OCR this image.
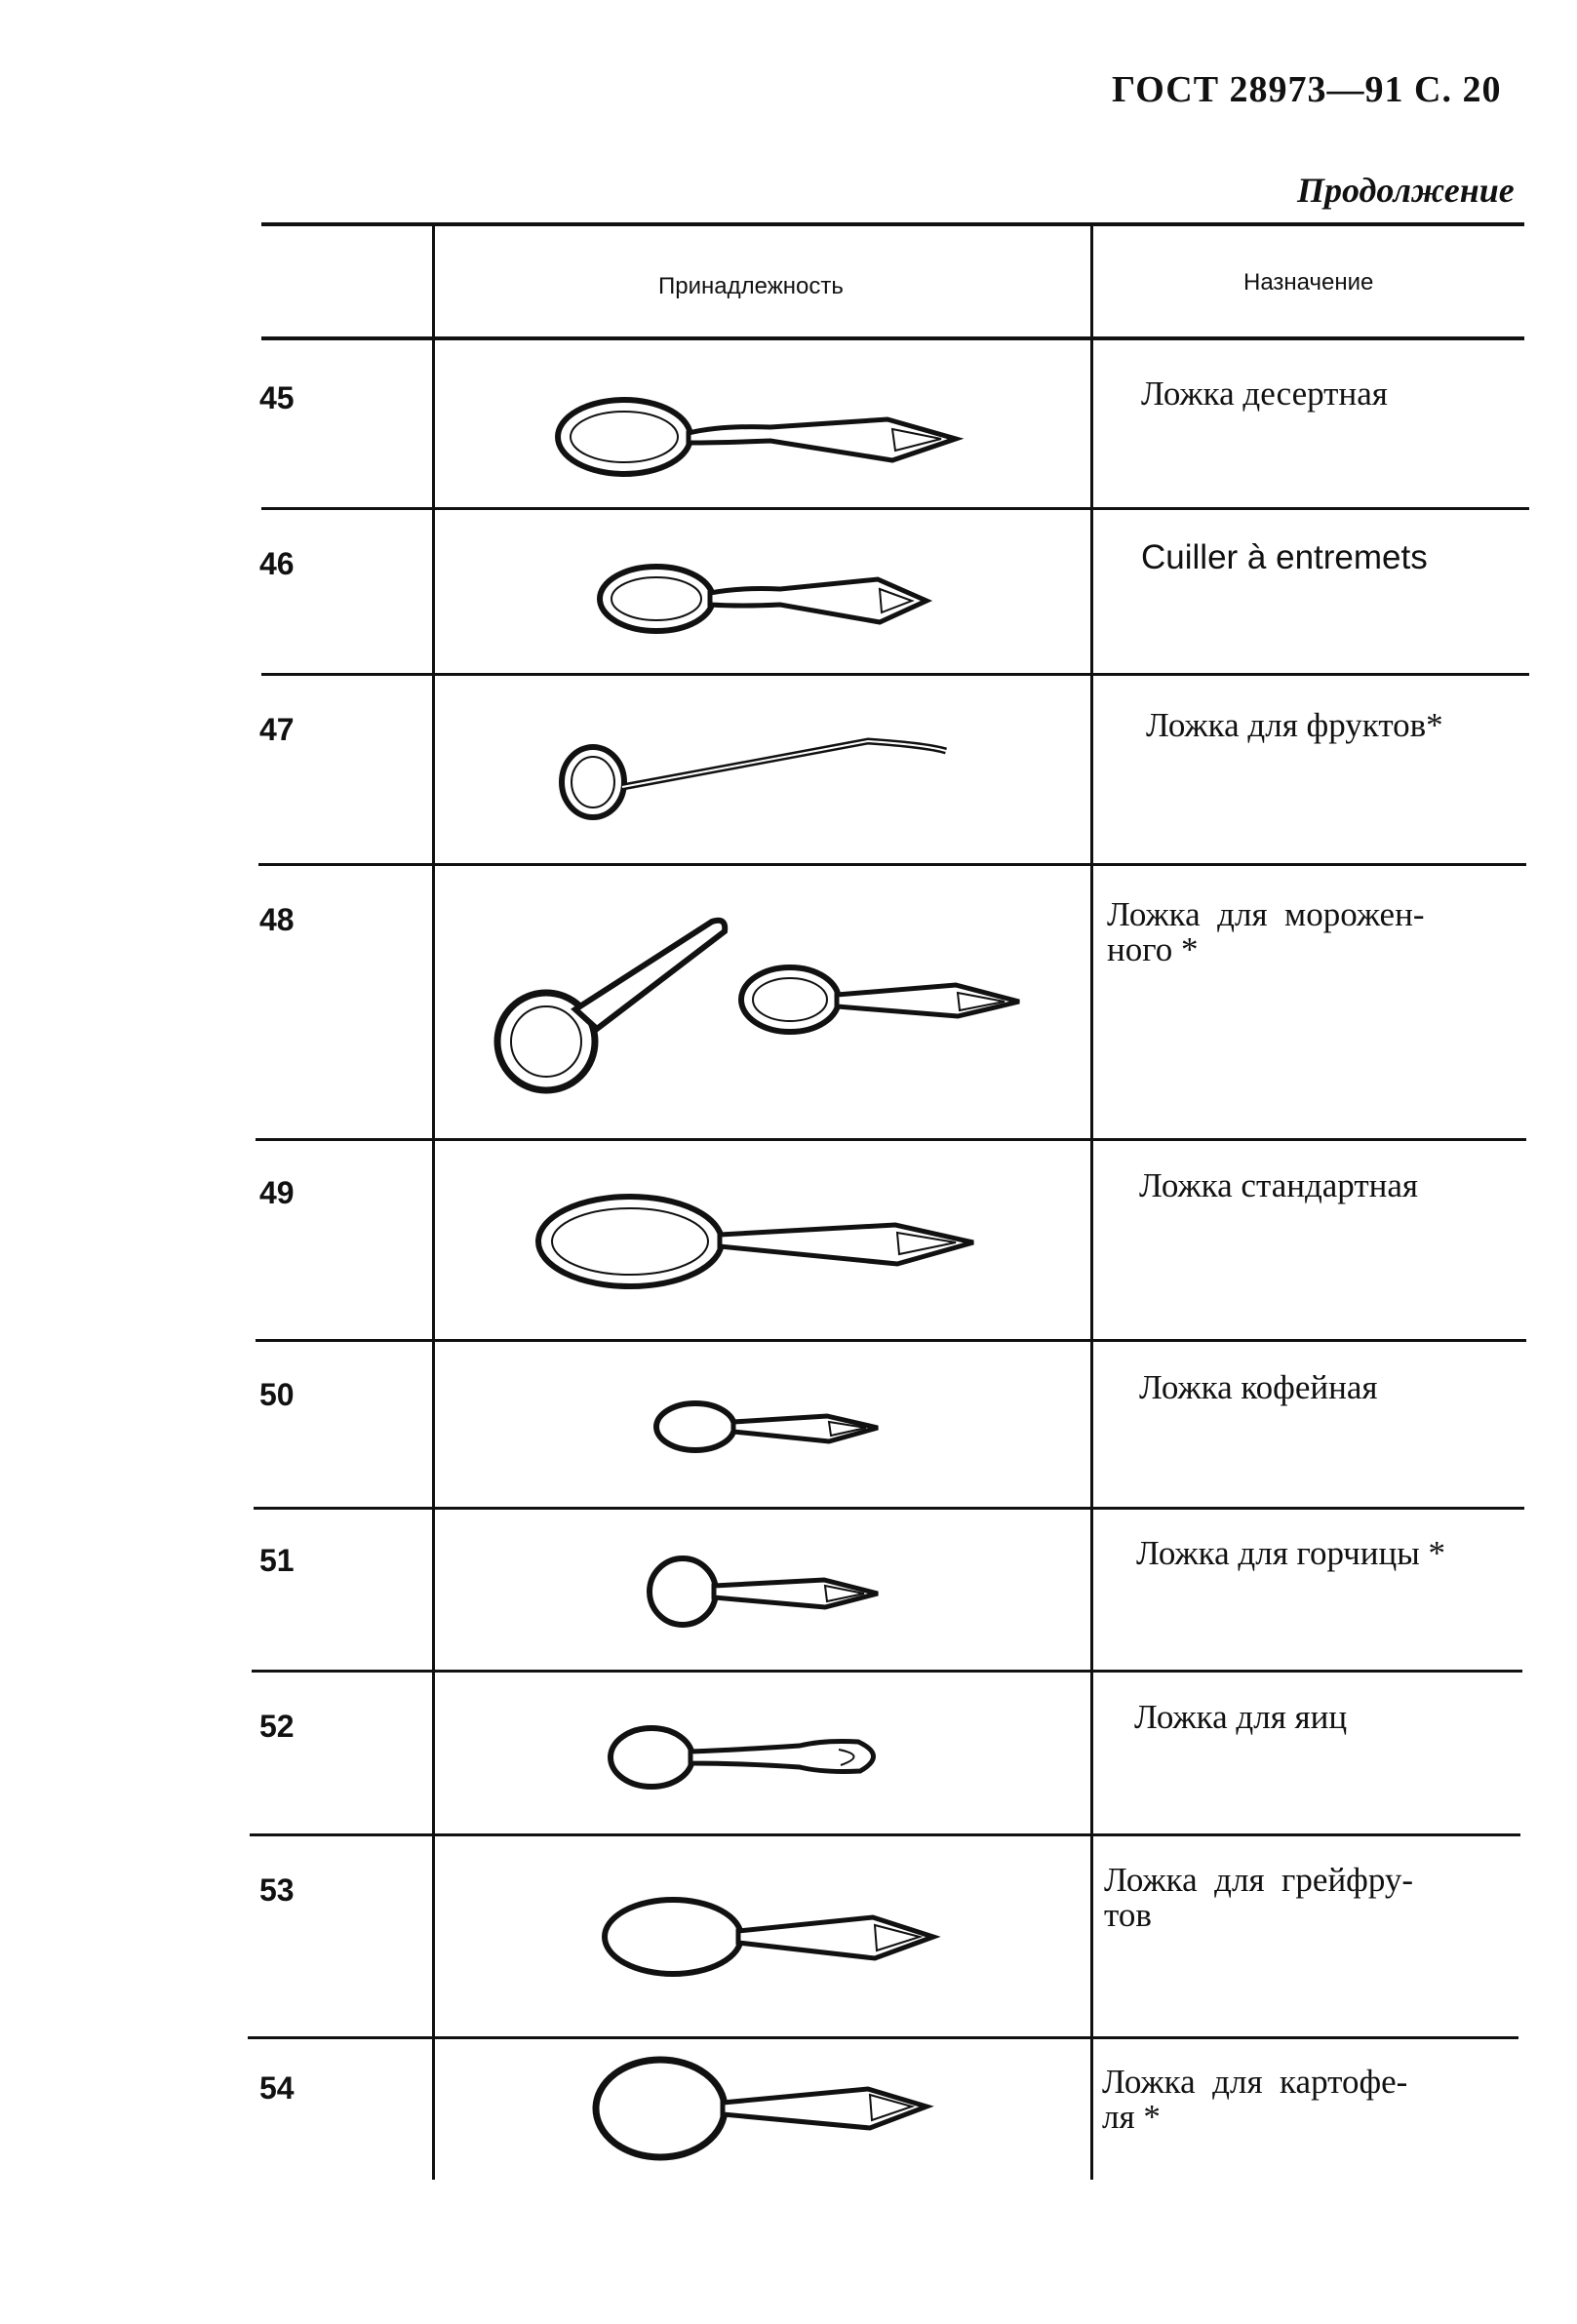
ГОСТ 28973—91 С. 20
Продолжение
Принадлежность	Назначение
45
46
47
48
49
50
51
52
53
54
Ложка десертная
Cuiller à entremets
Ложка для фруктов*
Ложка  для  морожен-
ного *
Ложка стандартная
Ложка кофейная
Ложка для горчицы *
Ложка для яиц
Ложка  для  грейфру-
тов
Ложка  для  картофе-
ля *
